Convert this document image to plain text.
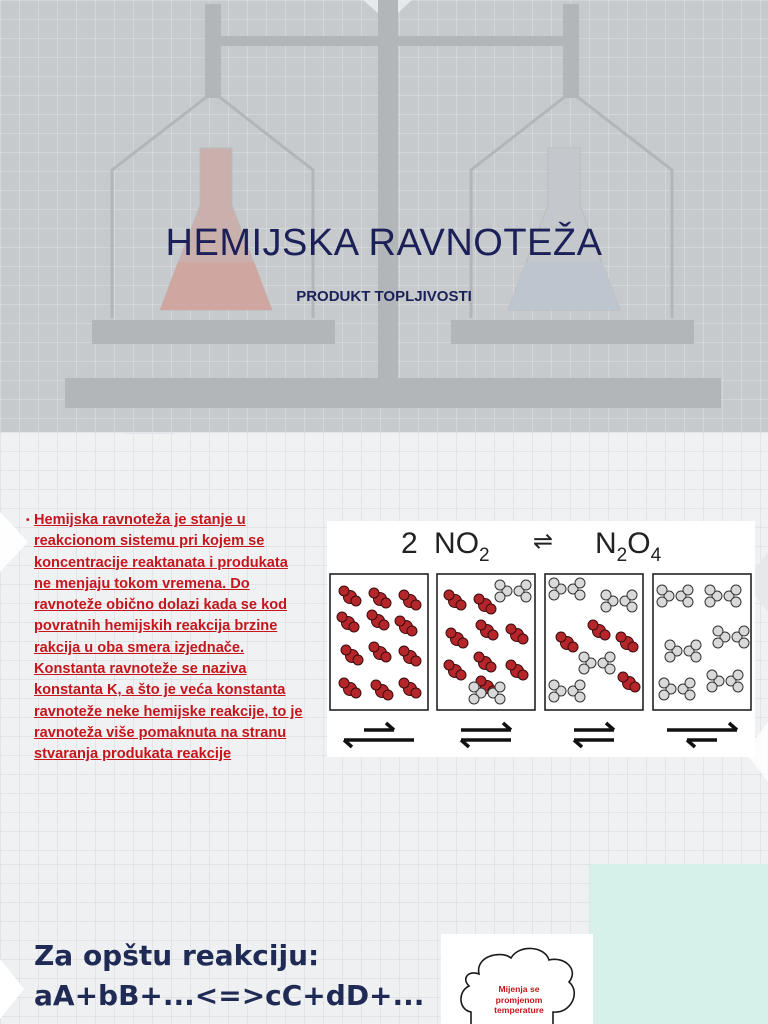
HEMIJSKA RAVNOTEŽA
PRODUKT TOPLJIVOSTI
• Hemijska ravnoteža je stanje u reakcionom sistemu pri kojem se koncentracije reaktanata i produkata ne menjaju tokom vremena. Do ravnoteže obično dolazi kada se kod povratnih hemijskih reakcija brzine rakcija u oba smera izjednače. Konstanta ravnoteže se naziva konstanta K, a što je veća konstanta ravnoteže neke hemijske reakcije, to je ravnoteža više pomaknuta na stranu stvaranja produkata reakcije
2 $NO_2$
⇌ $N_2O_4$
Za opštu reakciju:
aA+bB+...<=>cC+dD+...	Mijenja se
promjenom
temperature
